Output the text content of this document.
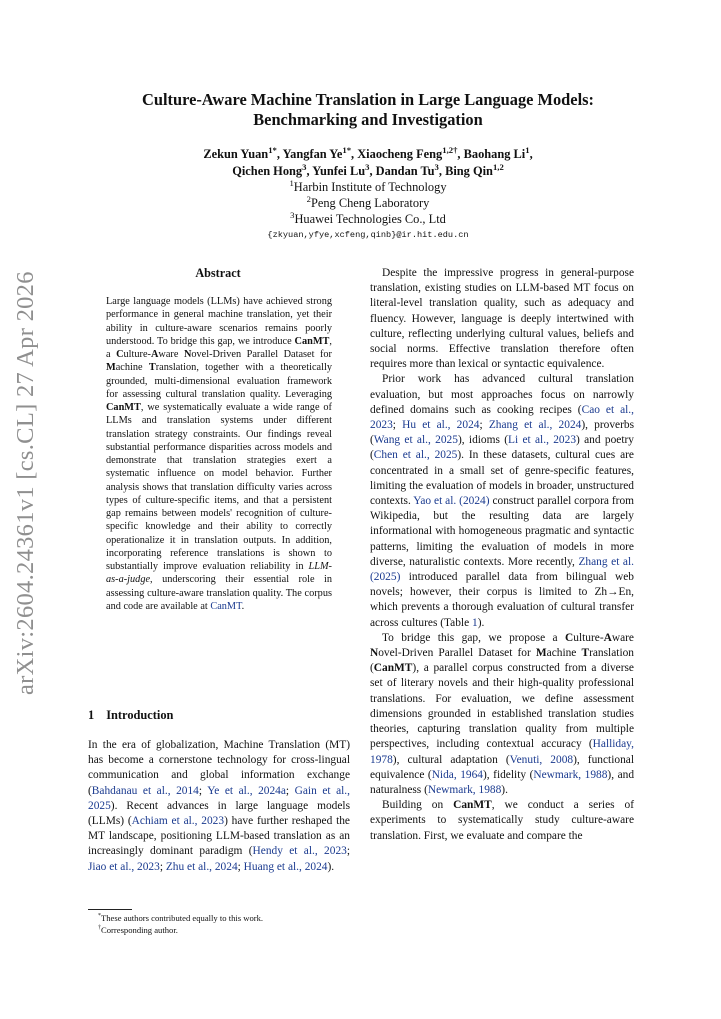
arXiv:2604.24361v1 [cs.CL] 27 Apr 2026
Culture-Aware Machine Translation in Large Language Models:
Benchmarking and Investigation
Zekun Yuan$^{1*}$, Yangfan $Ye^{1*}$, Xiaocheng Feng$^{1,2\dagger}$, Baohang Li$^1$,
Qichen Hong$^3$, Yunfei Lu$^3$, Dandan Tu$^3$, Bing Qin$^{1,2}$
$^1$Harbin Institute of Technology
$^2$Peng Cheng Laboratory
$^3$Huawei Technologies Co., Ltd
{zkyuan,yfye,xcfeng,qinb}@ir.hit.edu.cn
Abstract

Large language models (LLMs) have achieved strong performance in general machine translation, yet their ability in culture-aware scenarios remains poorly understood. To bridge this gap, we introduce CanMT, a Culture-Aware Novel-Driven Parallel Dataset for Machine Translation, together with a theoretically grounded, multi-dimensional evaluation framework for assessing cultural translation quality. Leveraging CanMT, we systematically evaluate a wide range of LLMs and translation systems under different translation strategy constraints. Our findings reveal substantial performance disparities across models and demonstrate that translation strategies exert a systematic influence on model behavior. Further analysis shows that translation difficulty varies across types of culture-specific items, and that a persistent gap remains between models' recognition of culture-specific knowledge and their ability to correctly operationalize it in translation outputs. In addition, incorporating reference translations is shown to substantially improve evaluation reliability in LLM-as-a-judge, underscoring their essential role in assessing culture-aware translation quality. The corpus and code are available at CanMT.

1 Introduction

In the era of globalization, Machine Translation (MT) has become a cornerstone technology for cross-lingual communication and global information exchange (Bahdanau et al., 2014; Ye et al., 2024a; Gain et al., 2025). Recent advances in large language models (LLMs) (Achiam et al., 2023) have further reshaped the MT landscape, positioning LLM-based translation as an increasingly dominant paradigm (Hendy et al., 2023; Jiao et al., 2023; Zhu et al., 2024; Huang et al., 2024).

*These authors contributed equally to this work.
†Corresponding author.

Despite the impressive progress in general-purpose translation, existing studies on LLM-based MT focus on literal-level translation quality, such as adequacy and fluency. However, language is deeply intertwined with culture, reflecting underlying cultural values, beliefs and social norms. Effective translation therefore often requires more than lexical or syntactic equivalence.

Prior work has advanced cultural translation evaluation, but most approaches focus on narrowly defined domains such as cooking recipes (Cao et al., 2023; Hu et al., 2024; Zhang et al., 2024), proverbs (Wang et al., 2025), idioms (Li et al., 2023) and poetry (Chen et al., 2025). In these datasets, cultural cues are concentrated in a small set of genre-specific features, limiting the evaluation of models in broader, unstructured contexts. Yao et al. (2024) construct parallel corpora from Wikipedia, but the resulting data are largely informational with homogeneous pragmatic and syntactic patterns, limiting the evaluation of models in more diverse, naturalistic contexts. More recently, Zhang et al. (2025) introduced parallel data from bilingual web novels; however, their corpus is limited to Zh→En, which prevents a thorough evaluation of cultural transfer across cultures (Table 1).

To bridge this gap, we propose a Culture-Aware Novel-Driven Parallel Dataset for Machine Translation (CanMT), a parallel corpus constructed from a diverse set of literary novels and their high-quality professional translations. For evaluation, we define assessment dimensions grounded in established translation studies theories, capturing translation quality from multiple perspectives, including contextual accuracy (Halliday, 1978), cultural adaptation (Venuti, 2008), functional equivalence (Nida, 1964), fidelity (Newmark, 1988), and naturalness (Newmark, 1988).

Building on CanMT, we conduct a series of experiments to systematically study culture-aware translation. First, we evaluate and compare the
